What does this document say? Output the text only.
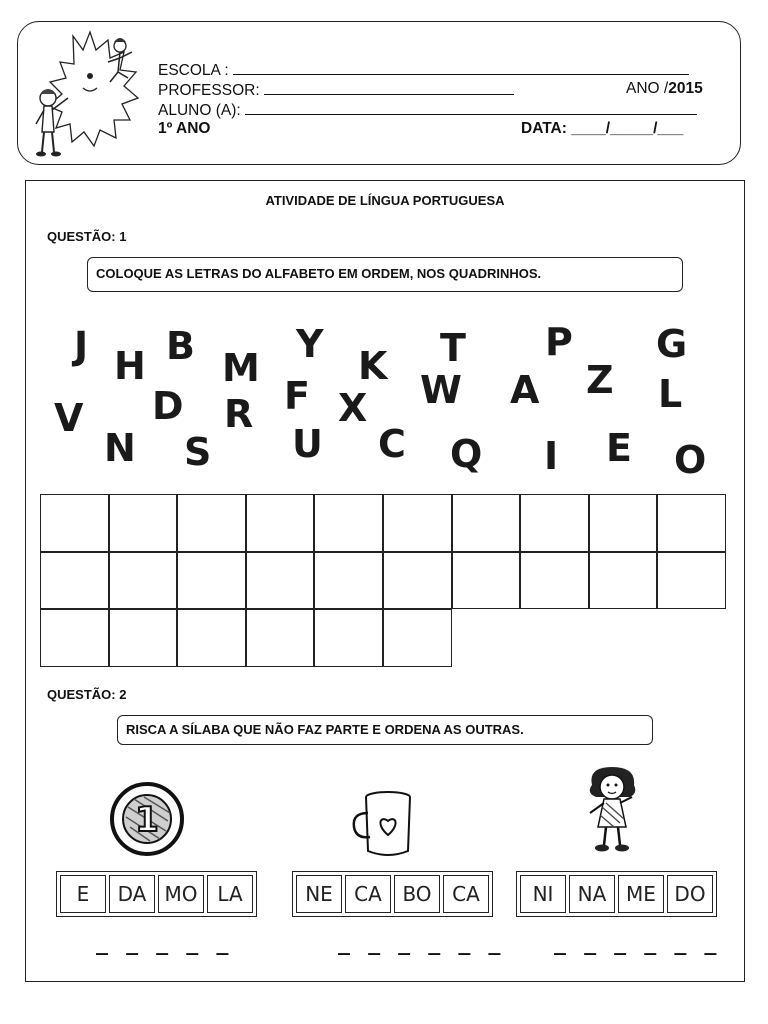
ESCOLA :
PROFESSOR:	ANO /2015
ALUNO (A):
1º ANO	DATA: ____/_____/___
ATIVIDADE DE LÍNGUA PORTUGUESA
QUESTÃO: 1
COLOQUE AS LETRAS DO ALFABETO EM ORDEM, NOS QUADRINHOS.
J H B M
Y K T P G
F	W A Z L
V D R X
N S U C Q I E O
QUESTÃO: 2
RISCA A SÍLABA QUE NÃO FAZ PARTE E ORDENA AS OUTRAS.
1
E	DA MO LA	NE	CA	BO	CA	NI	NA ME DO
_ _ _ _ _	_ _ _ _ _ _	_ _ _ _ _ _
